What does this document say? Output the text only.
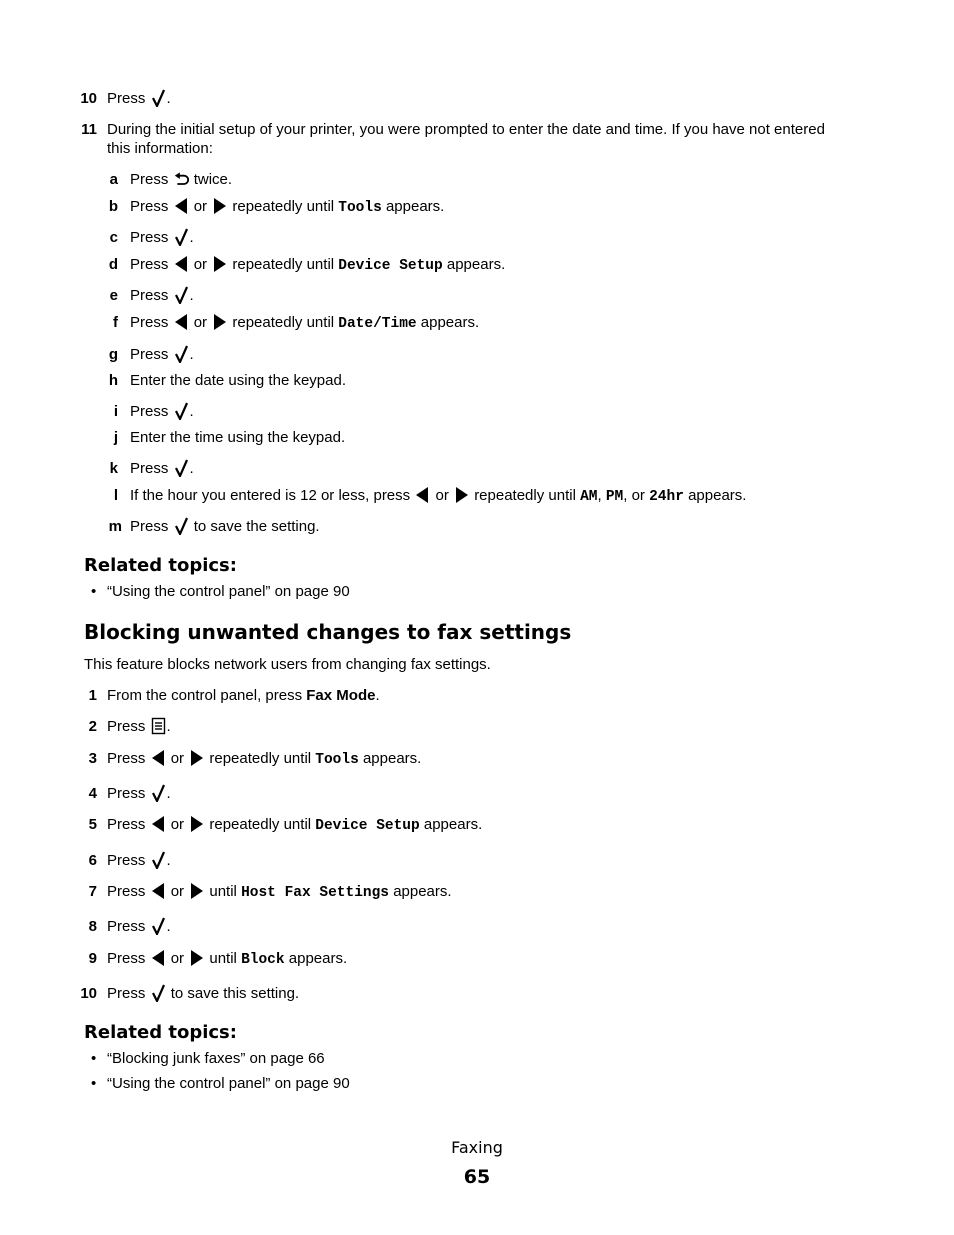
10 Press .
11 During the initial setup of your printer, you were prompted to enter the date and time. If you have not entered
this information:
a Press twice.
b Press or repeatedly until Tools appears.
c Press .
d Press or repeatedly until Device Setup appears.
e Press .
f Press or repeatedly until Date/Time appears.
g Press .
h Enter the date using the keypad.
i Press .
j Enter the time using the keypad.
k Press .
l If the hour you entered is 12 or less, press or repeatedly until AM, PM, or 24hr appears.
m Press to save the setting.
Related topics:
• “Using the control panel” on page 90
Blocking unwanted changes to fax settings
This feature blocks network users from changing fax settings.
1 From the control panel, press Fax Mode.
2 Press .
3 Press or repeatedly until Tools appears.
4 Press .
5 Press or repeatedly until Device Setup appears.
6 Press .
7 Press or until Host Fax Settings appears.
8 Press .
9 Press or until Block appears.
10 Press to save this setting.
Related topics:
• “Blocking junk faxes” on page 66
• “Using the control panel” on page 90
Faxing
65
